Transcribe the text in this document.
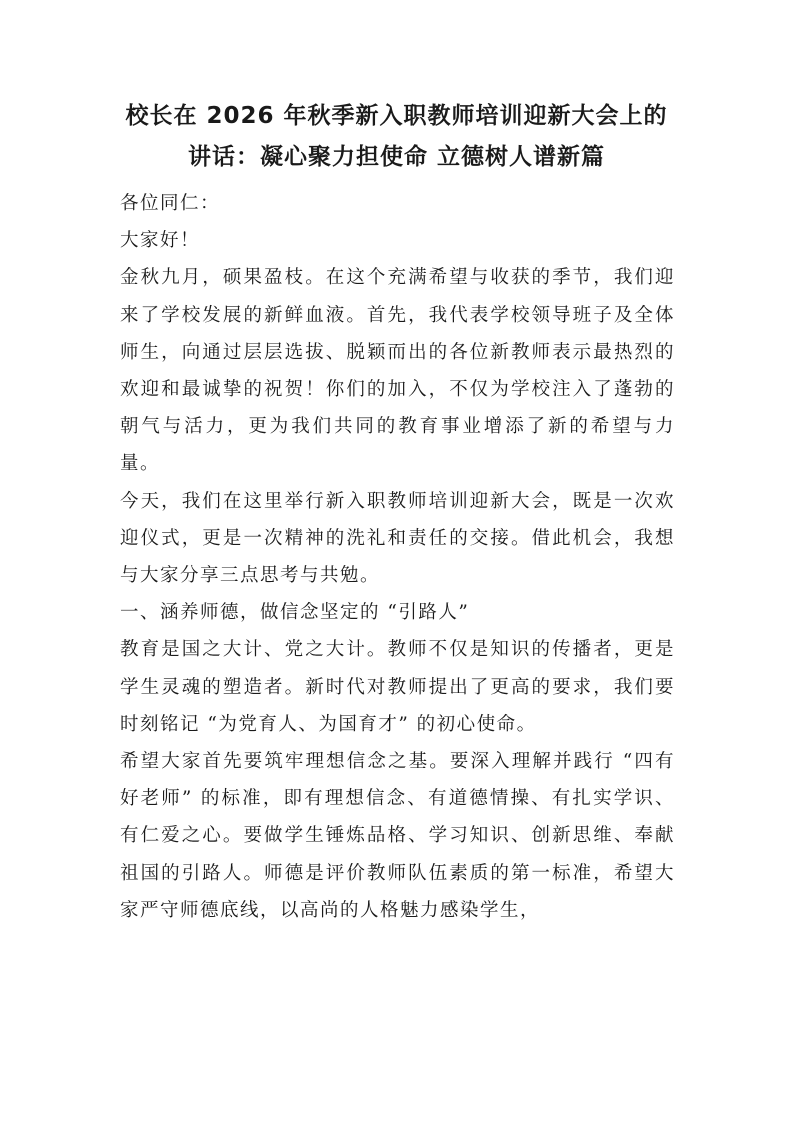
校长在 2026 年秋季新入职教师培训迎新大会上的
讲话：凝心聚力担使命 立德树人谱新篇

各位同仁：

大家好！

金秋九月，硕果盈枝。在这个充满希望与收获的季节，我们迎来了学校发展的新鲜血液。首先，我代表学校领导班子及全体师生，向通过层层选拔、脱颖而出的各位新教师表示最热烈的欢迎和最诚挚的祝贺！你们的加入，不仅为学校注入了蓬勃的朝气与活力，更为我们共同的教育事业增添了新的希望与力量。

今天，我们在这里举行新入职教师培训迎新大会，既是一次欢迎仪式，更是一次精神的洗礼和责任的交接。借此机会，我想与大家分享三点思考与共勉。

一、涵养师德，做信念坚定的 “引路人”

教育是国之大计、党之大计。教师不仅是知识的传播者，更是学生灵魂的塑造者。新时代对教师提出了更高的要求，我们要时刻铭记 “为党育人、为国育才” 的初心使命。

希望大家首先要筑牢理想信念之基。要深入理解并践行 “四有好老师” 的标准，即有理想信念、有道德情操、有扎实学识、有仁爱之心。要做学生锤炼品格、学习知识、创新思维、奉献祖国的引路人。师德是评价教师队伍素质的第一标准，希望大家严守师德底线，以高尚的人格魅力感染学生，
